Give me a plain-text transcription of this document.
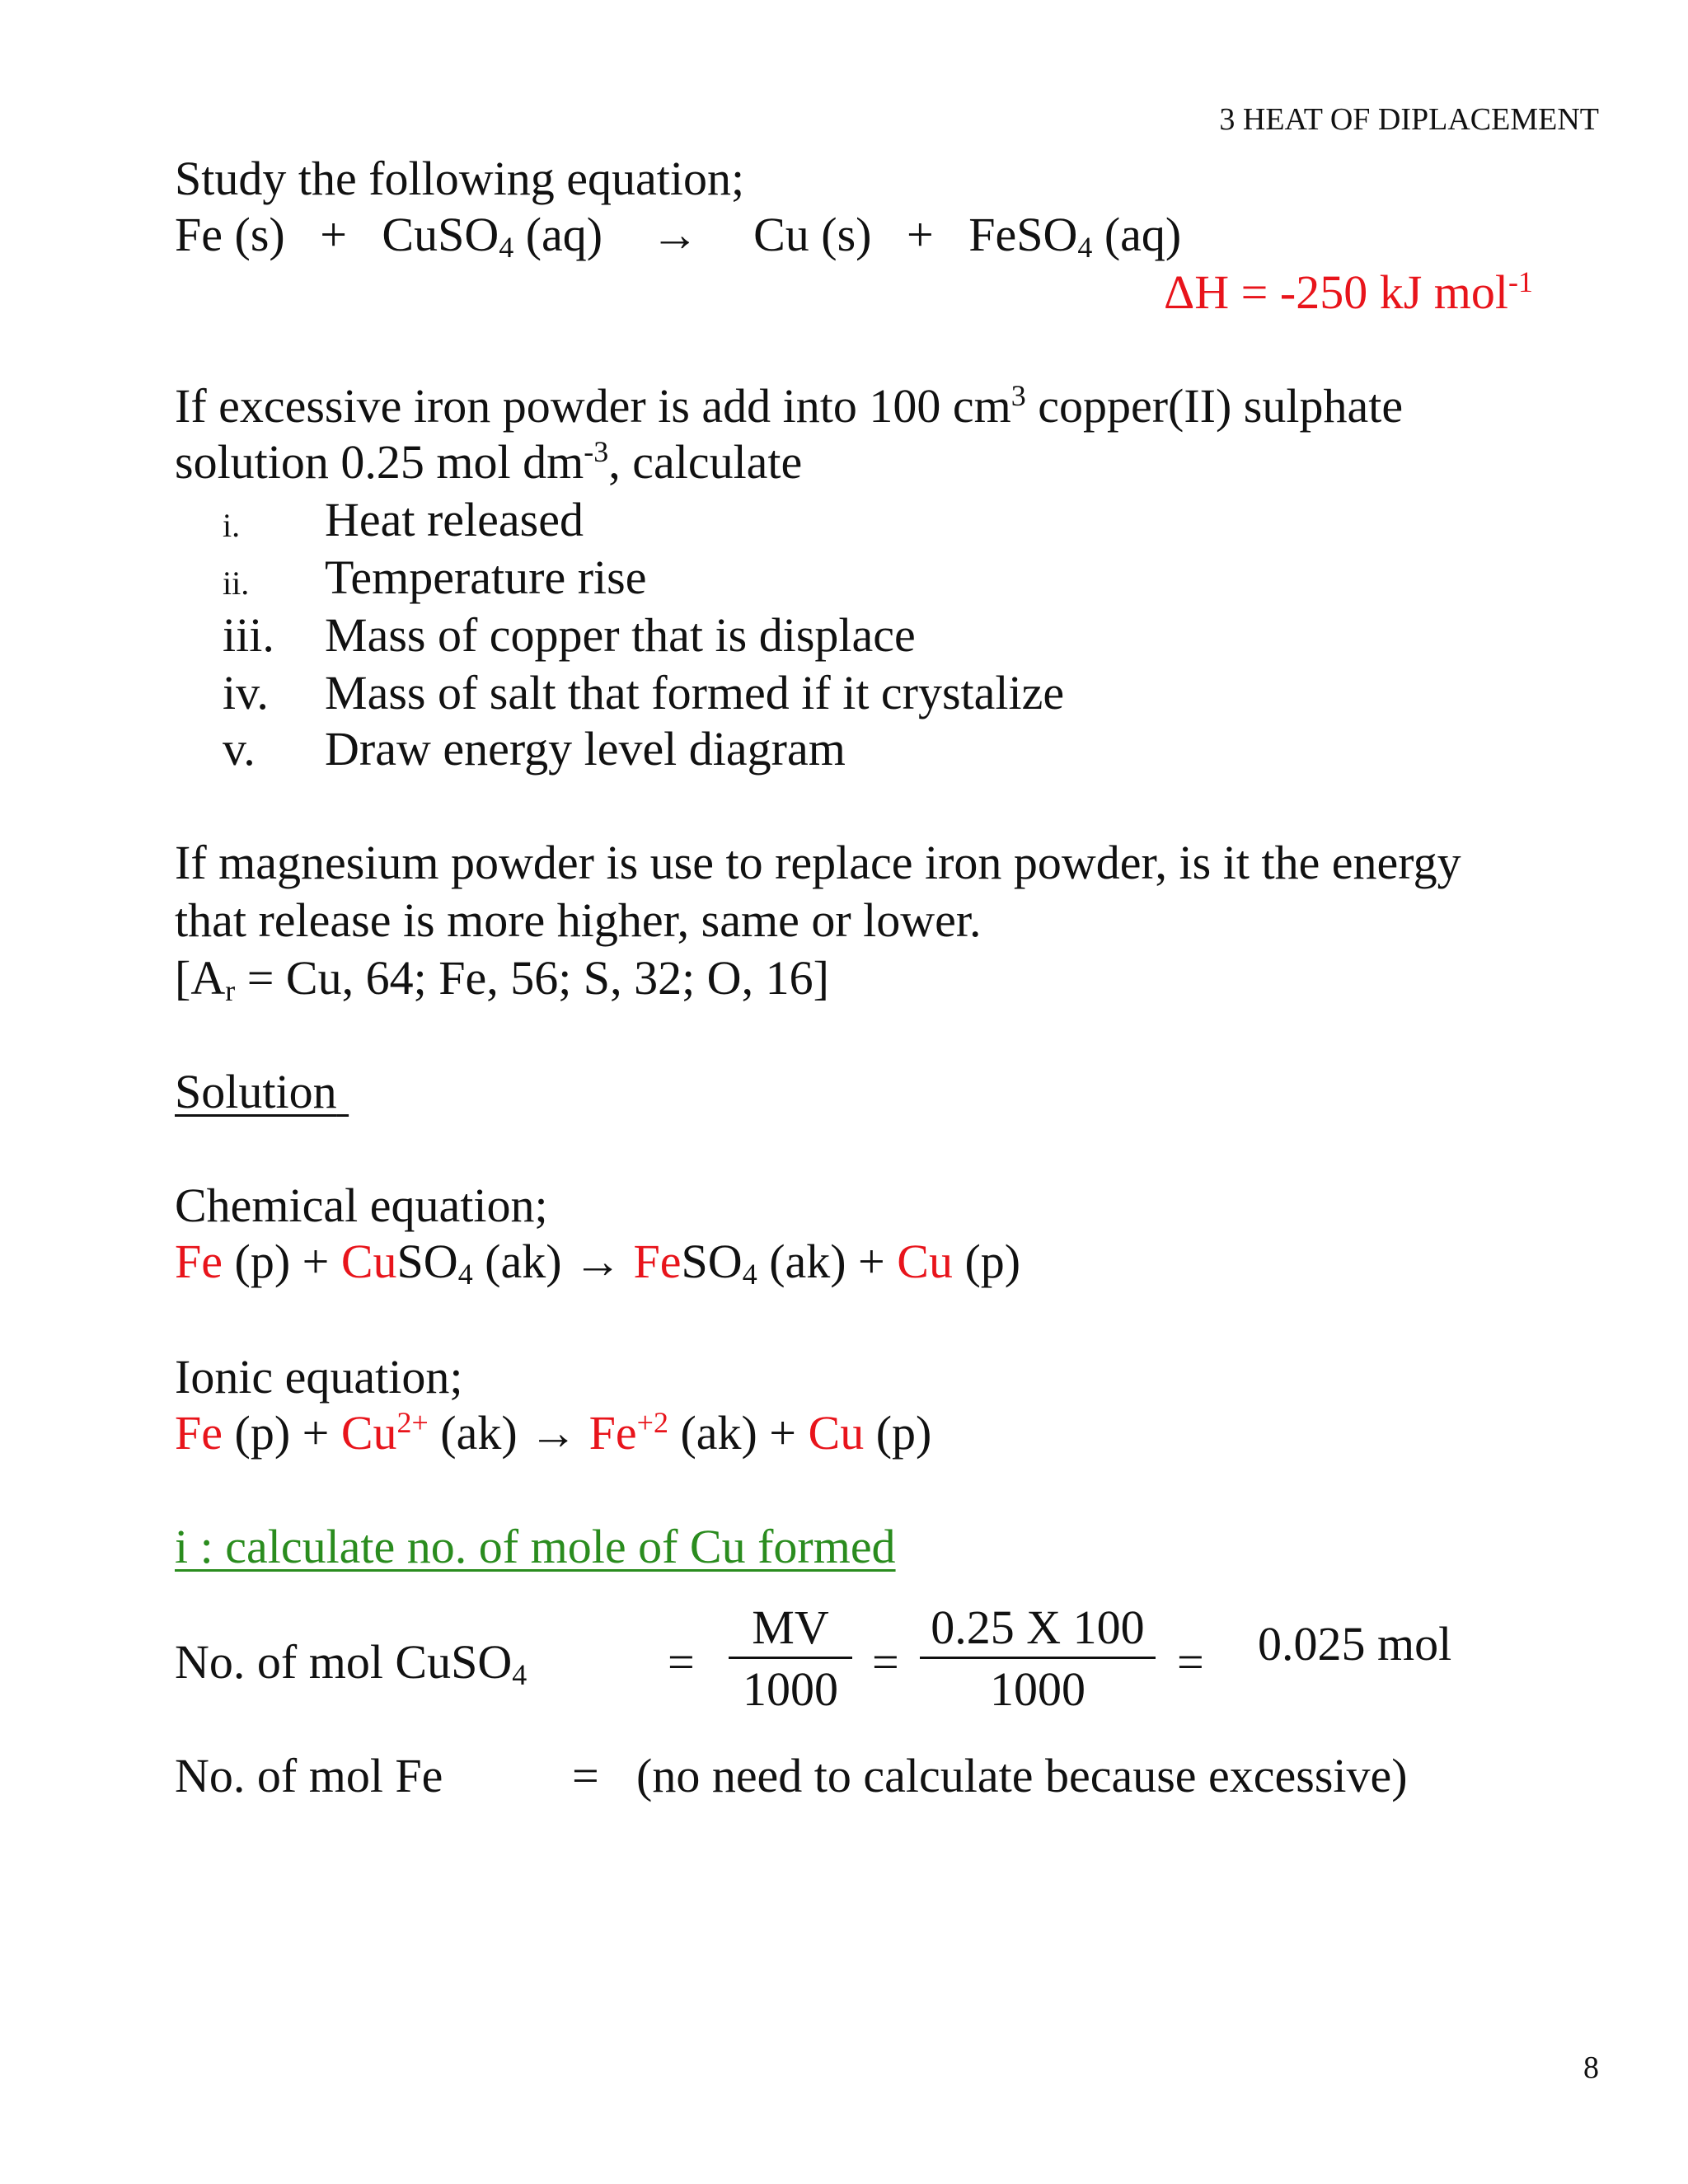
3 HEAT OF DIPLACEMENT
Study the following equation;
Fe (s) + CuSO$_4$ (aq) → Cu (s) + FeSO$_4$ (aq)
ΔH = -250 kJ mol$^{-1}$
If excessive iron powder is add into 100 $cm^3$ copper(II) sulphate
solution 0.25 mol $dm^{-3}$, calculate
i. Heat released
ii. Temperature rise
iii. Mass of copper that is displace
iv. Mass of salt that formed if it crystalize
v. Draw energy level diagram
If magnesium powder is use to replace iron powder, is it the energy
that release is more higher, same or lower.
[$A_r = Cu$, 64; Fe, 56; S, 32; O, 16]
Solution
Chemical equation;
Fe (p) + CuSO$_4$ (ak) → FeSO$_4$ (ak) + Cu (p)
Ionic equation;
Fe $(p) + Cu^{2+}$ $(ak) \to Fe^{+2}$ (ak) + Cu (p)
i : calculate no. of mole of Cu formed
No. of mol CuSO$_4$	= $\frac{MV}{1000} = \frac{0.25 X 100}{1000} = 0.025$ mol
No. of mol Fe	= (no need to calculate because excessive)
8
